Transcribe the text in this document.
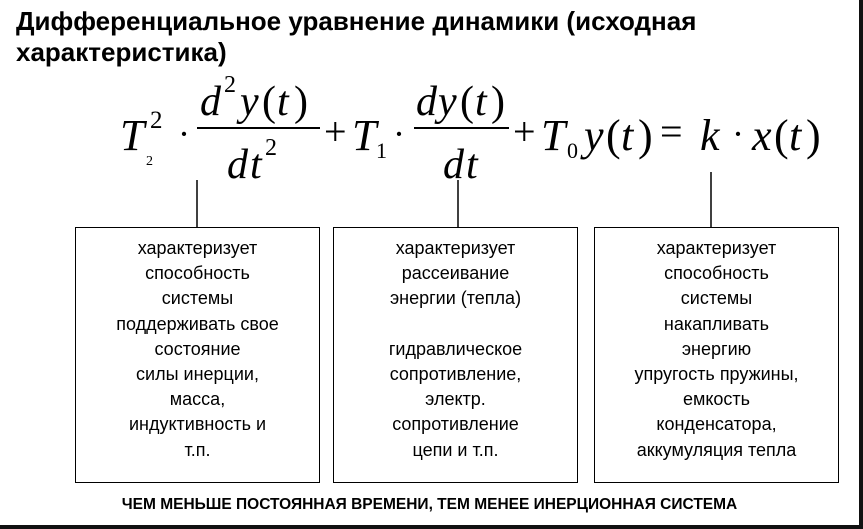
Дифференциальное уравнение динамики (исходная
характеристика)
T 2
2
·
d 2 y ( t )
d t 2 + T 1 ·
d y ( t )
d t
+ T 0 y ( t ) = k · x ( t )
характеризует
способность
системы
поддерживать свое
состояние
силы инерции,
масса,
индуктивность и
т.п.
характеризует
рассеивание
энергии (тепла)
гидравлическое
сопротивление,
электр.
сопротивление
цепи и т.п.
характеризует
способность
системы
накапливать
энергию
упругость пружины,
емкость
конденсатора,
аккумуляция тепла
ЧЕМ МЕНЬШЕ ПОСТОЯННАЯ ВРЕМЕНИ, ТЕМ МЕНЕЕ ИНЕРЦИОННАЯ СИСТЕМА
